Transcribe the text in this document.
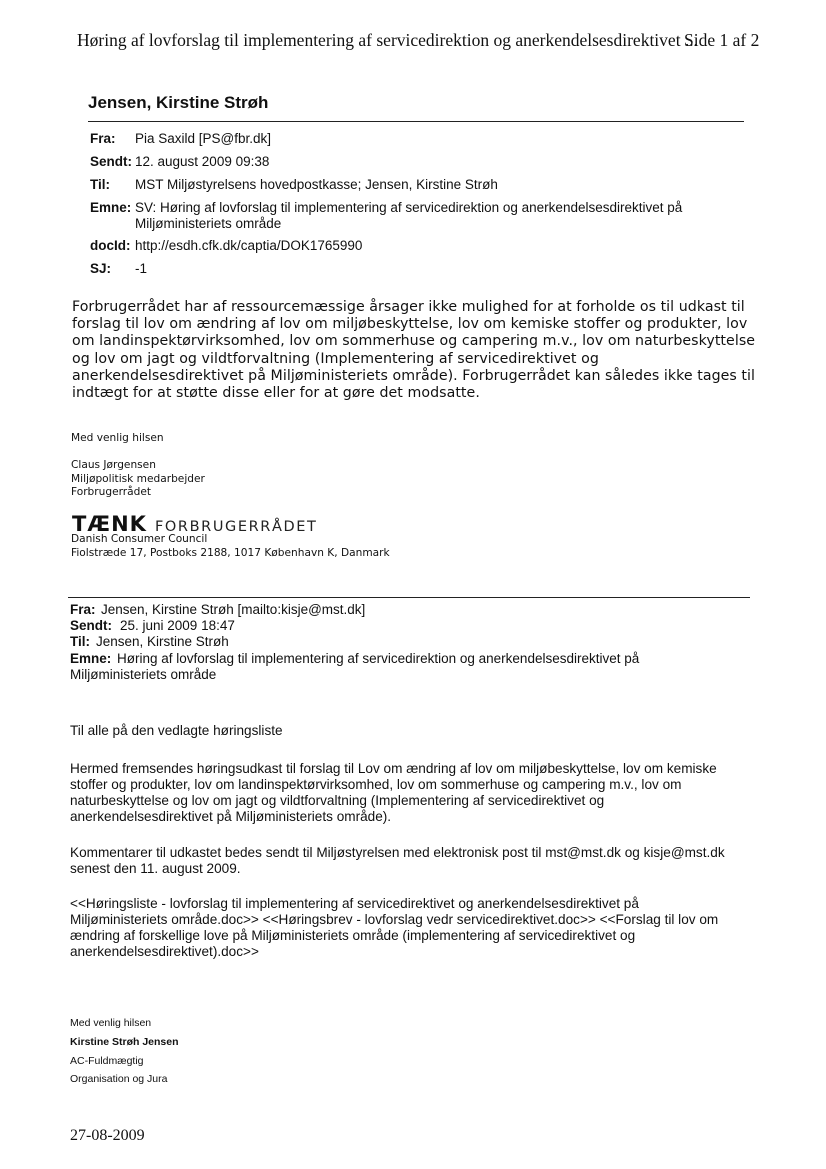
Høring af lovforslag til implementering af servicedirektion og anerkendelsesdirektivet ...
Side 1 af 2
Jensen, Kirstine Strøh
Fra: Pia Saxild [PS@fbr.dk]
Sendt: 12. august 2009 09:38
Til: MST Miljøstyrelsens hovedpostkasse; Jensen, Kirstine Strøh
Emne: SV: Høring af lovforslag til implementering af servicedirektion og anerkendelsesdirektivet på
Miljøministeriets område
docId: http://esdh.cfk.dk/captia/DOK1765990
SJ: -1
Forbrugerrådet har af ressourcemæssige årsager ikke mulighed for at forholde os til udkast til
forslag til lov om ændring af lov om miljøbeskyttelse, lov om kemiske stoffer og produkter, lov
om landinspektørvirksomhed, lov om sommerhuse og campering m.v., lov om naturbeskyttelse
og lov om jagt og vildtforvaltning (Implementering af servicedirektivet og
anerkendelsesdirektivet på Miljøministeriets område). Forbrugerrådet kan således ikke tages til
indtægt for at støtte disse eller for at gøre det modsatte.
Med venlig hilsen
Claus Jørgensen
Miljøpolitisk medarbejder
Forbrugerrådet
TÆNK FORBRUGERRÅDET
Danish Consumer Council
Fiolstræde 17, Postboks 2188, 1017 København K, Danmark
Fra: Jensen, Kirstine Strøh [mailto:kisje@mst.dk]
Sendt: 25. juni 2009 18:47
Til: Jensen, Kirstine Strøh
Emne: Høring af lovforslag til implementering af servicedirektion og anerkendelsesdirektivet på
Miljøministeriets område
Til alle på den vedlagte høringsliste
Hermed fremsendes høringsudkast til forslag til Lov om ændring af lov om miljøbeskyttelse, lov om kemiske
stoffer og produkter, lov om landinspektørvirksomhed, lov om sommerhuse og campering m.v., lov om
naturbeskyttelse og lov om jagt og vildtforvaltning (Implementering af servicedirektivet og
anerkendelsesdirektivet på Miljøministeriets område).
Kommentarer til udkastet bedes sendt til Miljøstyrelsen med elektronisk post til mst@mst.dk og kisje@mst.dk
senest den 11. august 2009.
<<Høringsliste - lovforslag til implementering af servicedirektivet og anerkendelsesdirektivet på
Miljøministeriets område.doc>> <<Høringsbrev - lovforslag vedr servicedirektivet.doc>> <<Forslag til lov om
ændring af forskellige love på Miljøministeriets område (implementering af servicedirektivet og
anerkendelsesdirektivet).doc>>
Med venlig hilsen
Kirstine Strøh Jensen
AC-Fuldmægtig
Organisation og Jura
27-08-2009
